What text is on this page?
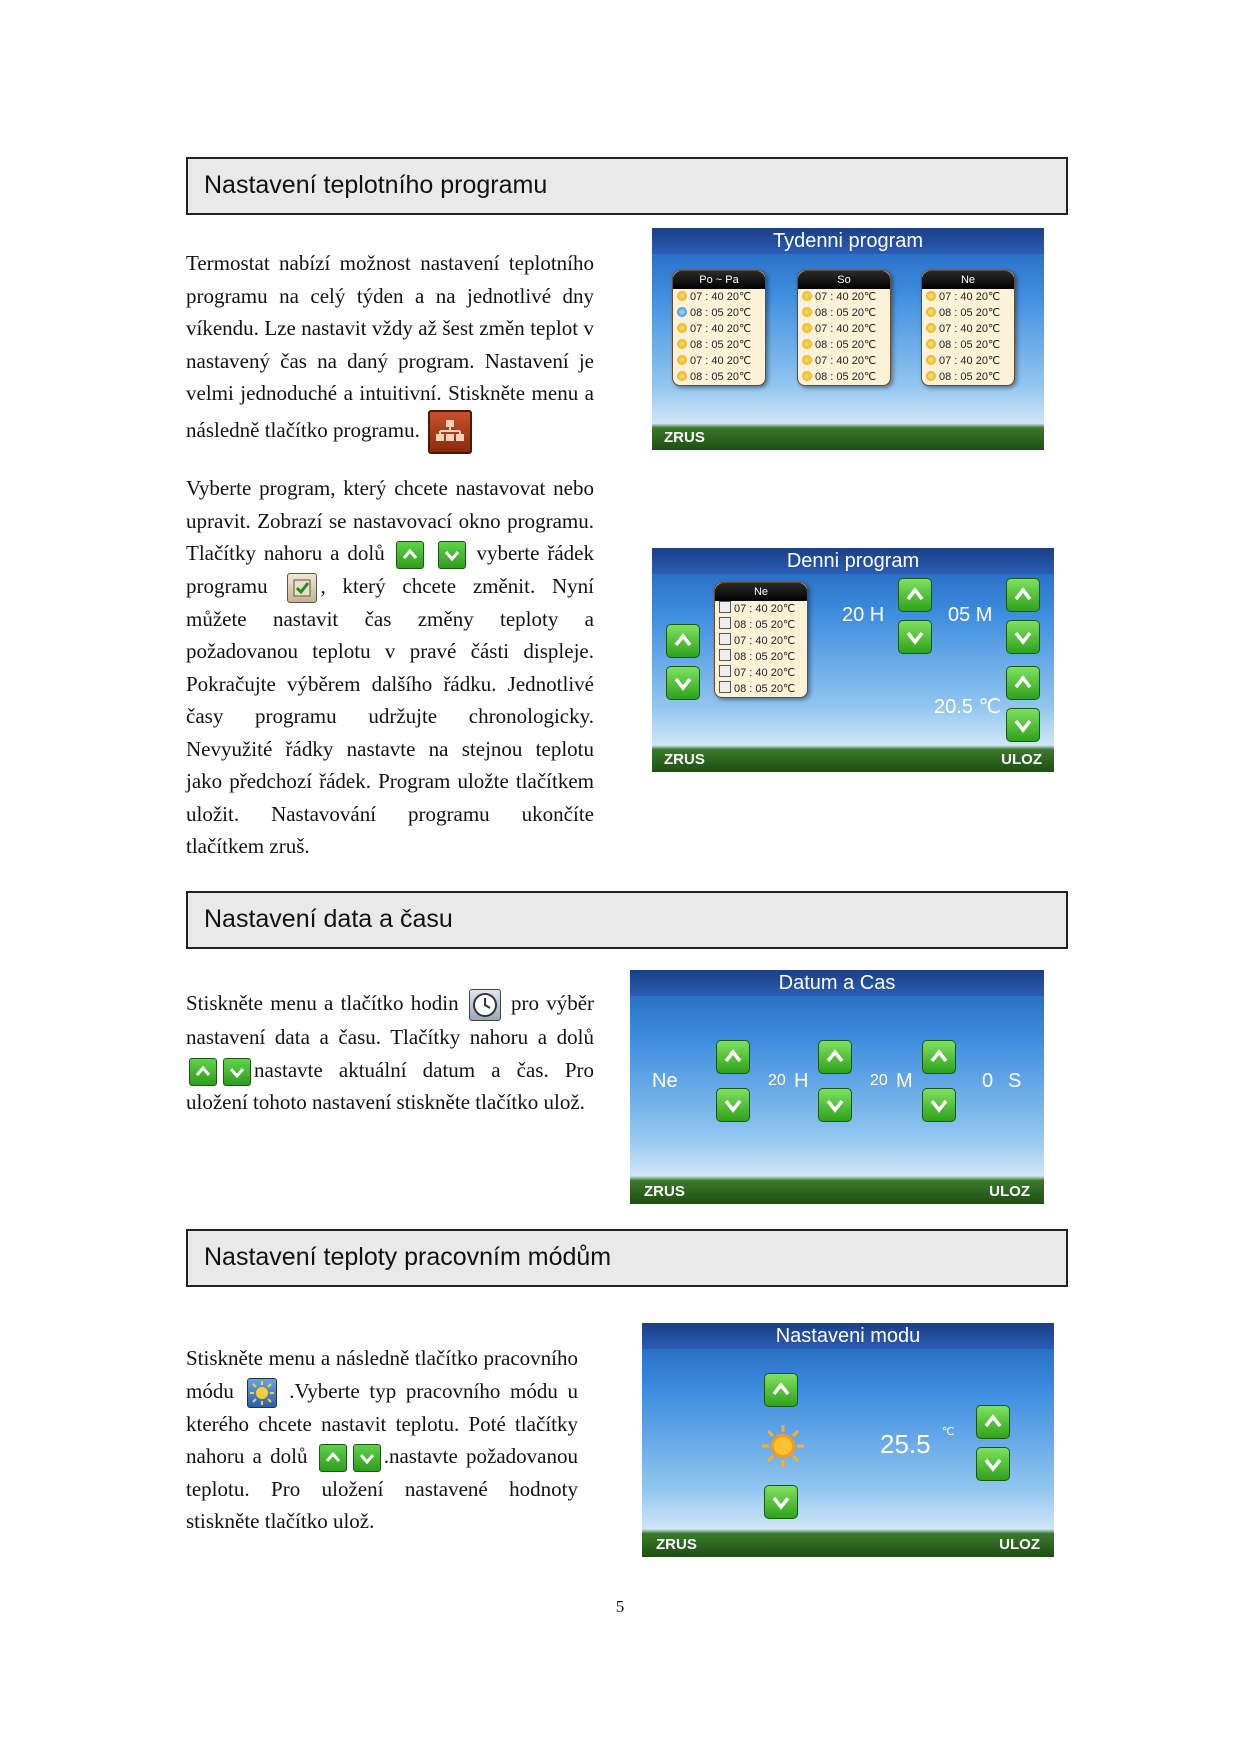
Nastavení teplotního programu

Termostat nabízí možnost nastavení teplotního programu na celý týden a na jednotlivé dny víkendu. Lze nastavit vždy až šest změn teplot v nastavený čas na daný program. Nastavení je velmi jednoduché a intuitivní. Stiskněte menu a následně tlačítko programu.

Vyberte program, který chcete nastavovat nebo upravit. Zobrazí se nastavovací okno programu. Tlačítky nahoru a dolů
	vyberte řádek programu	, který chcete změnit. Nyní můžete nastavit čas změny teploty a požadovanou teplotu v pravé části displeje. Pokračujte výběrem dalšího řádku. Jednotlivé časy programu udržujte chronologicky. Nevyužité řádky nastavte na stejnou teplotu jako předchozí řádek. Program uložte tlačítkem uložit. Nastavování programu ukončíte tlačítkem zruš.

Tydenni program
Po ~ Pa
07 : 40 20℃
08 : 05 20℃
07 : 40 20℃
08 : 05 20℃
07 : 40 20℃
08 : 05 20℃
So
07 : 40 20℃
08 : 05 20℃
07 : 40 20℃
08 : 05 20℃
07 : 40 20℃
08 : 05 20℃
Ne
07 : 40 20℃
08 : 05 20℃
07 : 40 20℃
08 : 05 20℃
07 : 40 20℃
08 : 05 20℃
ZRUS
Denni program
Ne
07 : 40 20℃
08 : 05 20℃
07 : 40 20℃
08 : 05 20℃
07 : 40 20℃
08 : 05 20℃
20 H	05 M
20.5 ℃
ZRUS	ULOZ
Nastavení data a času

Stiskněte menu a tlačítko hodin pro výběr nastavení data a času. Tlačítky nahoru a dolů
nastavte aktuální datum a čas. Pro uložení tohoto nastavení stiskněte tlačítko ulož.

Datum a Cas
Ne	20 H	20 M	0 S
ZRUS	ULOZ
Nastavení teploty pracovním módům

Stiskněte menu a následně tlačítko pracovního módu	.Vyberte typ pracovního módu u kterého chcete nastavit teplotu. Poté tlačítky nahoru a dolů	.nastavte požadovanou teplotu. Pro uložení nastavené hodnoty stiskněte tlačítko ulož.

Nastaveni modu
25.5 ℃
ZRUS	ULOZ
5
